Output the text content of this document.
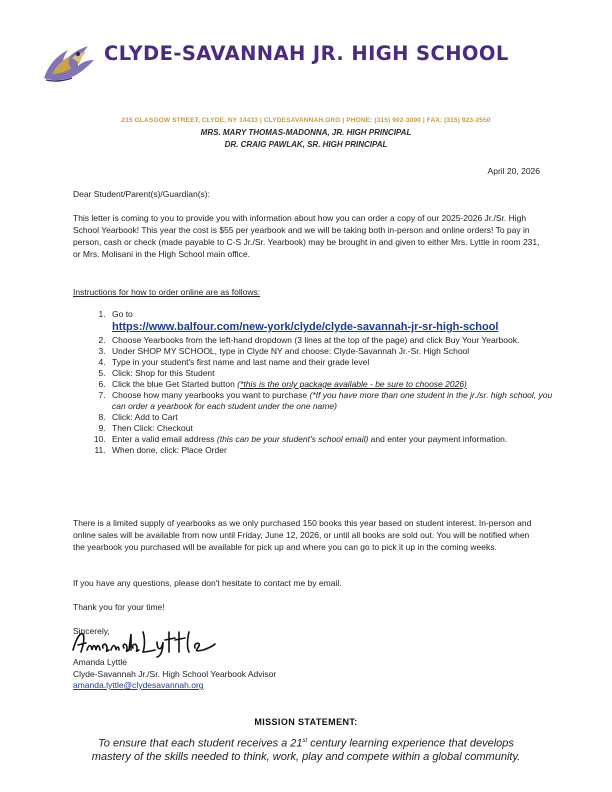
CLYDE-SAVANNAH JR. HIGH SCHOOL
215 GLASGOW STREET, CLYDE, NY 14433 | CLYDESAVANNAH.ORG | PHONE: (315) 902-3000 | FAX: (315) 923-2550
MRS. MARY THOMAS-MADONNA, JR. HIGH PRINCIPAL
DR. CRAIG PAWLAK, SR. HIGH PRINCIPAL
April 20, 2026
Dear Student/Parent(s)/Guardian(s):
This letter is coming to you to provide you with information about how you can order a copy of our 2025-2026 Jr./Sr. High School Yearbook! This year the cost is $55 per yearbook and we will be taking both in-person and online orders! To pay in person, cash or check (made payable to C-S Jr./Sr. Yearbook) may be brought in and given to either Mrs. Lyttle in room 231, or Mrs. Molisani in the High School main office.
Instructions for how to order online are as follows:
1. Go to
https://www.balfour.com/new-york/clyde/clyde-savannah-jr-sr-high-school
2. Choose Yearbooks from the left-hand dropdown (3 lines at the top of the page) and click Buy Your Yearbook.
3. Under SHOP MY SCHOOL, type in Clyde NY and choose: Clyde-Savannah Jr.-Sr. High School
4. Type in your student's first name and last name and their grade level
5. Click: Shop for this Student
6. Click the blue Get Started button (*this is the only package available - be sure to choose 2026)
7. Choose how many yearbooks you want to purchase (*If you have more than one student in the jr./sr. high school, you can order a yearbook for each student under the one name)
8. Click: Add to Cart
9. Then Click: Checkout
10. Enter a valid email address (this can be your student's school email) and enter your payment information.
11. When done, click: Place Order
There is a limited supply of yearbooks as we only purchased 150 books this year based on student interest. In-person and online sales will be available from now until Friday, June 12, 2026, or until all books are sold out. You will be notified when the yearbook you purchased will be available for pick up and where you can go to pick it up in the coming weeks.
If you have any questions, please don't hesitate to contact me by email.
Thank you for your time!
Sincerely,
Amanda Lyttle
Clyde-Savannah Jr./Sr. High School Yearbook Advisor
amanda.lyttle@clydesavannah.org
MISSION STATEMENT:
To ensure that each student receives a 21st century learning experience that develops mastery of the skills needed to think, work, play and compete within a global community.
